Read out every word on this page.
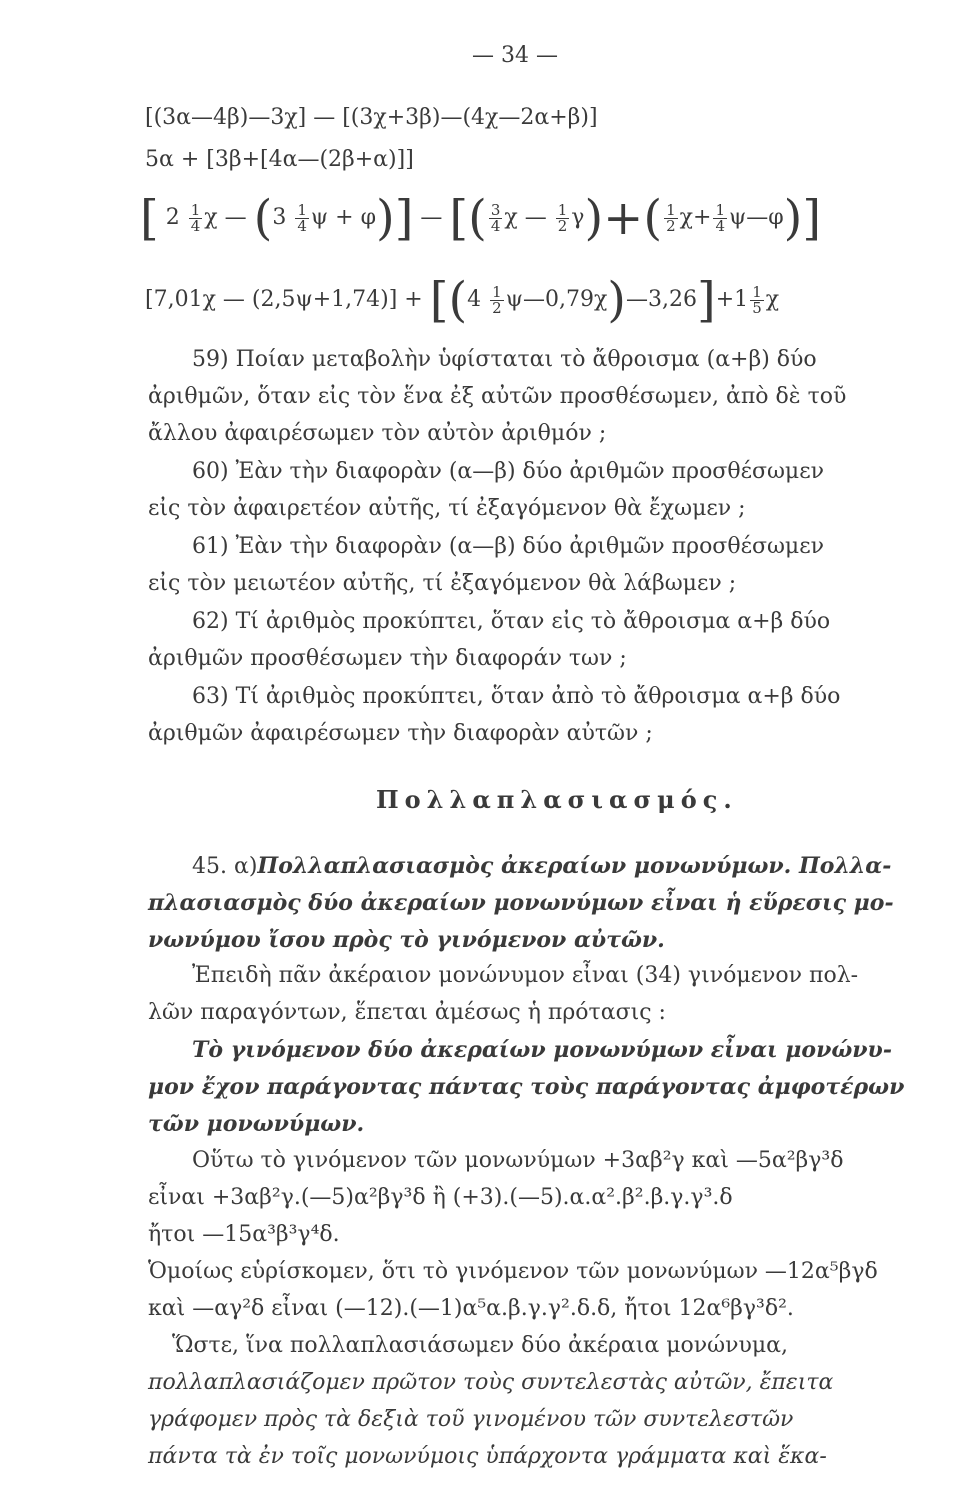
— 34 —
[(3α—4β)—3χ] — [(3χ+3β)—(4χ—2α+β)]
5α + [3β+[4α—(2β+α)]]
[ $2 \frac{1}{4}$ χ — ($3 \frac{1}{4}$ ψ + φ)] — [( $\frac{3}{4}$ χ — $\frac{1}{2} \gamma)+( \frac{1}{2} \chi+ \frac{1}{4}$ ψ—φ)]
[7,01χ — $(2,5\psi+1,74)] + [(4 \frac{1}{2}$ ψ—0,79χ)—3,26]+1 $\frac{1}{5}$ χ
59) Ποίαν μεταβολὴν ὑφίσταται τὸ ἄθροισμα (α+β) δύο
ἀριθμῶν, ὅταν εἰς τὸν ἕνα ἐξ αὐτῶν προσθέσωμεν, ἀπὸ δὲ τοῦ
ἄλλου ἀφαιρέσωμεν τὸν αὐτὸν ἀριθμόν ;
60) Ἐὰν τὴν διαφορὰν (α—β) δύο ἀριθμῶν προσθέσωμεν
εἰς τὸν ἀφαιρετέον αὐτῆς, τί ἐξαγόμενον θὰ ἔχωμεν ;
61) Ἐὰν τὴν διαφορὰν (α—β) δύο ἀριθμῶν προσθέσωμεν
εἰς τὸν μειωτέον αὐτῆς, τί ἐξαγόμενον θὰ λάβωμεν ;
62) Τί ἀριθμὸς προκύπτει, ὅταν εἰς τὸ ἄθροισμα α+β δύο
ἀριθμῶν προσθέσωμεν τὴν διαφοράν των ;
63) Τί ἀριθμὸς προκύπτει, ὅταν ἀπὸ τὸ ἄθροισμα α+β δύο
ἀριθμῶν ἀφαιρέσωμεν τὴν διαφορὰν αὐτῶν ;
Πολλαπλασιασμός.
45. α)Πολλαπλασιασμὸς ἀκεραίων μονωνύμων. Πολλα-
πλασιασμὸς δύο ἀκεραίων μονωνύμων εἶναι ἡ εὕρεσις μο-
νωνύμου ἴσου πρὸς τὸ γινόμενον αὐτῶν.
Ἐπειδὴ πᾶν ἀκέραιον μονώνυμον εἶναι (34) γινόμενον πολ-
λῶν παραγόντων, ἕπεται ἀμέσως ἡ πρότασις :
Τὸ γινόμενον δύο ἀκεραίων μονωνύμων εἶναι μονώνυ-
μον ἔχον παράγοντας πάντας τοὺς παράγοντας ἀμφοτέρων
τῶν μονωνύμων.
Οὕτω τὸ γινόμενον τῶν μονωνύμων +3αβ²γ καὶ —5α²βγ³δ
εἶναι +3αβ²γ.(—5)α²βγ³δ ἢ (+3).(—5).α.α².β².β.γ.γ³.δ
ἤτοι —15α³β³γ⁴δ.
Ὁμοίως εὑρίσκομεν, ὅτι τὸ γινόμενον τῶν μονωνύμων —12α⁵βγδ
καὶ —αγ²δ εἶναι (—12).(—1)α⁵α.β.γ.γ².δ.δ, ἤτοι 12α⁶βγ³δ².
Ὥστε, ἵνα πολλαπλασιάσωμεν δύο ἀκέραια μονώνυμα,
πολλαπλασιάζομεν πρῶτον τοὺς συντελεστὰς αὐτῶν, ἔπειτα
γράφομεν πρὸς τὰ δεξιὰ τοῦ γινομένου τῶν συντελεστῶν
πάντα τὰ ἐν τοῖς μονωνύμοις ὑπάρχοντα γράμματα καὶ ἕκα-
